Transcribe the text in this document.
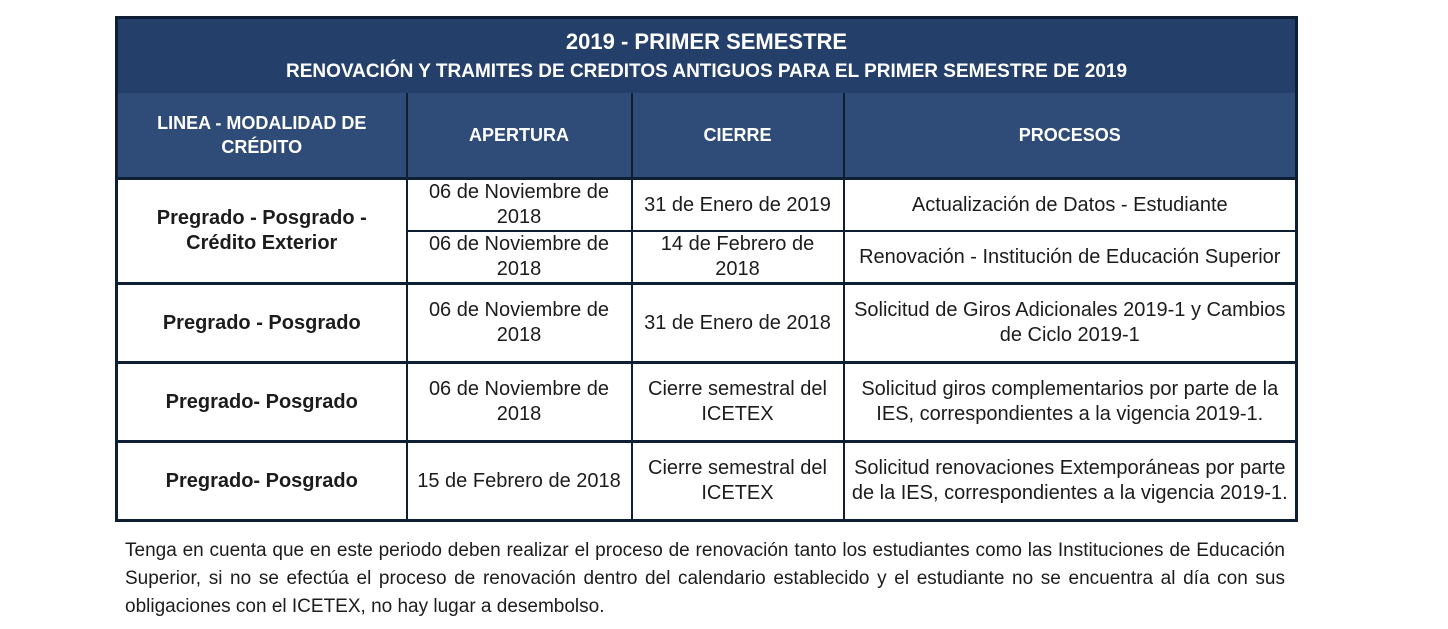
2019 - PRIMER SEMESTRE
RENOVACIÓN Y TRAMITES DE CREDITOS ANTIGUOS PARA EL PRIMER SEMESTRE DE 2019			

LINEA - MODALIDAD DE CRÉDITO	APERTURA	CIERRE	PROCESOS
Pregrado - Posgrado - Crédito Exterior	06 de Noviembre de 2018	31 de Enero de 2019	Actualización de Datos - Estudiante
	06 de Noviembre de 2018	14 de Febrero de 2018	Renovación - Institución de Educación Superior
Pregrado - Posgrado	06 de Noviembre de 2018	31 de Enero de 2018	Solicitud de Giros Adicionales 2019-1 y Cambios de Ciclo 2019-1
Pregrado- Posgrado	06 de Noviembre de 2018	Cierre semestral del ICETEX	Solicitud giros complementarios por parte de la IES, correspondientes a la vigencia 2019-1.
Pregrado- Posgrado	15 de Febrero de 2018	Cierre semestral del ICETEX	Solicitud renovaciones Extemporáneas por parte de la IES, correspondientes a la vigencia 2019-1.

Tenga en cuenta que en este periodo deben realizar el proceso de renovación tanto los estudiantes como las Instituciones de Educación Superior, si no se efectúa el proceso de renovación dentro del calendario establecido y el estudiante no se encuentra al día con sus obligaciones con el ICETEX, no hay lugar a desembolso.
